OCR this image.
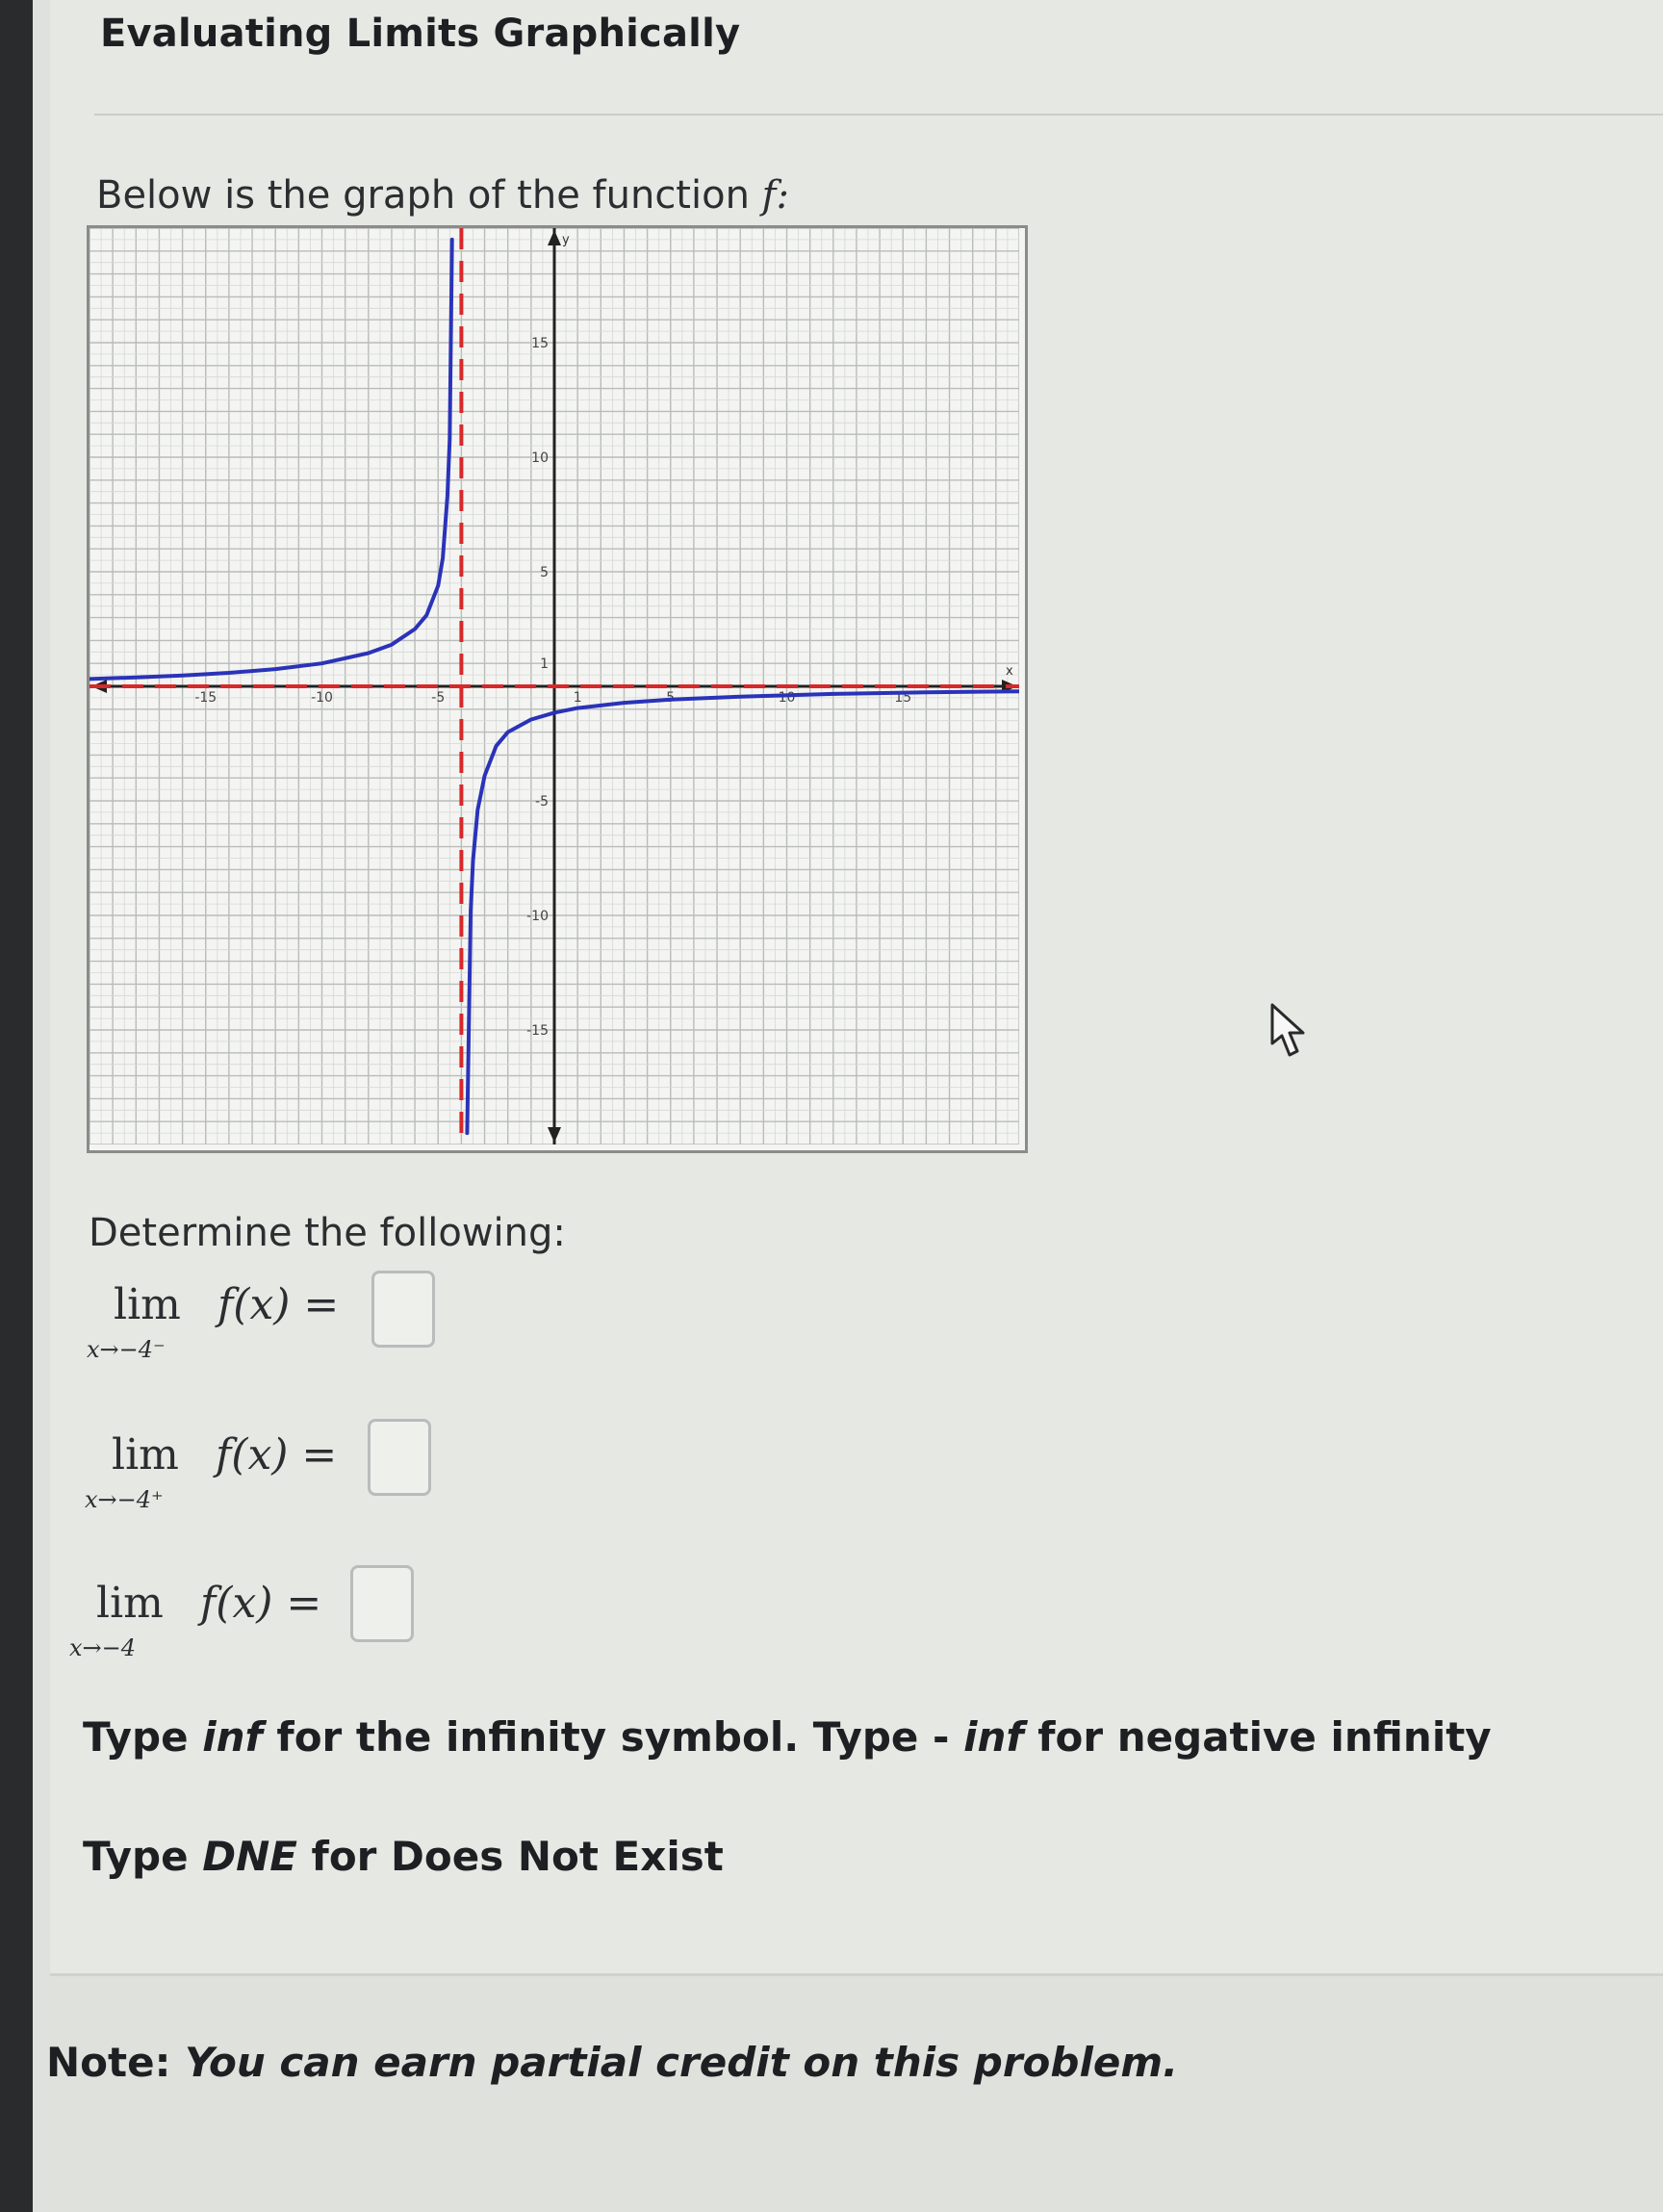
Evaluating Limits Graphically
Below is the graph of the function f:
x
y
-15	-10	-5	1	5	10	15
15
10
5
1
-5
-10
-15
Determine the following:
lim
x→−4⁻
f(x) =
lim
x→−4⁺
f(x) =
lim
x→−4
f(x) =
Type inf for the infinity symbol. Type - inf for negative infinity
Type DNE for Does Not Exist
Note: You can earn partial credit on this problem.
